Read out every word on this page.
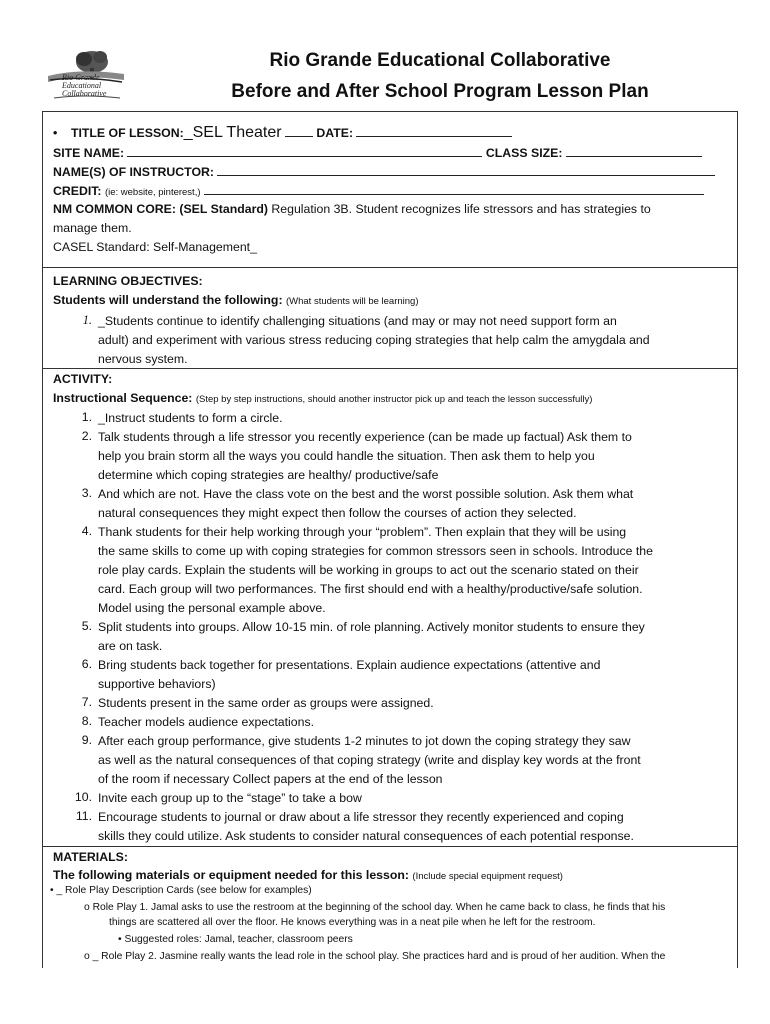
Rio Grande
Educational
Collaborative
Rio Grande Educational Collaborative
Before and After School Program Lesson Plan
• TITLE OF LESSON:_SEL Theater	DATE:
SITE NAME:	CLASS SIZE:
NAME(S) OF INSTRUCTOR:
CREDIT: (ie: website, pinterest,)
NM COMMON CORE: (SEL Standard) Regulation 3B. Student recognizes life stressors and has strategies to
manage them.
CASEL Standard: Self-Management_
LEARNING OBJECTIVES:
Students will understand the following: (What students will be learning)
1. _Students continue to identify challenging situations (and may or may not need support form an
adult) and experiment with various stress reducing coping strategies that help calm the amygdala and
nervous system.
ACTIVITY:
Instructional Sequence: (Step by step instructions, should another instructor pick up and teach the lesson successfully)
1. _Instruct students to form a circle.
2. Talk students through a life stressor you recently experience (can be made up factual) Ask them to
help you brain storm all the ways you could handle the situation. Then ask them to help you
determine which coping strategies are healthy/ productive/safe
3. And which are not. Have the class vote on the best and the worst possible solution. Ask them what
natural consequences they might expect then follow the courses of action they selected.
4. Thank students for their help working through your “problem”. Then explain that they will be using
the same skills to come up with coping strategies for common stressors seen in schools. Introduce the
role play cards. Explain the students will be working in groups to act out the scenario stated on their
card. Each group will two performances. The first should end with a healthy/productive/safe solution.
Model using the personal example above.
5. Split students into groups. Allow 10-15 min. of role planning. Actively monitor students to ensure they
are on task.
6. Bring students back together for presentations. Explain audience expectations (attentive and
supportive behaviors)
7. Students present in the same order as groups were assigned.
8. Teacher models audience expectations.
9. After each group performance, give students 1-2 minutes to jot down the coping strategy they saw
as well as the natural consequences of that coping strategy (write and display key words at the front
of the room if necessary Collect papers at the end of the lesson
10. Invite each group up to the “stage” to take a bow
11. Encourage students to journal or draw about a life stressor they recently experienced and coping
skills they could utilize. Ask students to consider natural consequences of each potential response.
MATERIALS:
The following materials or equipment needed for this lesson: (Include special equipment request)
• _ Role Play Description Cards (see below for examples)
o Role Play 1. Jamal asks to use the restroom at the beginning of the school day. When he came back to class, he finds that his
things are scattered all over the floor. He knows everything was in a neat pile when he left for the restroom.
• Suggested roles: Jamal, teacher, classroom peers
o _ Role Play 2. Jasmine really wants the lead role in the school play. She practices hard and is proud of her audition. When the
